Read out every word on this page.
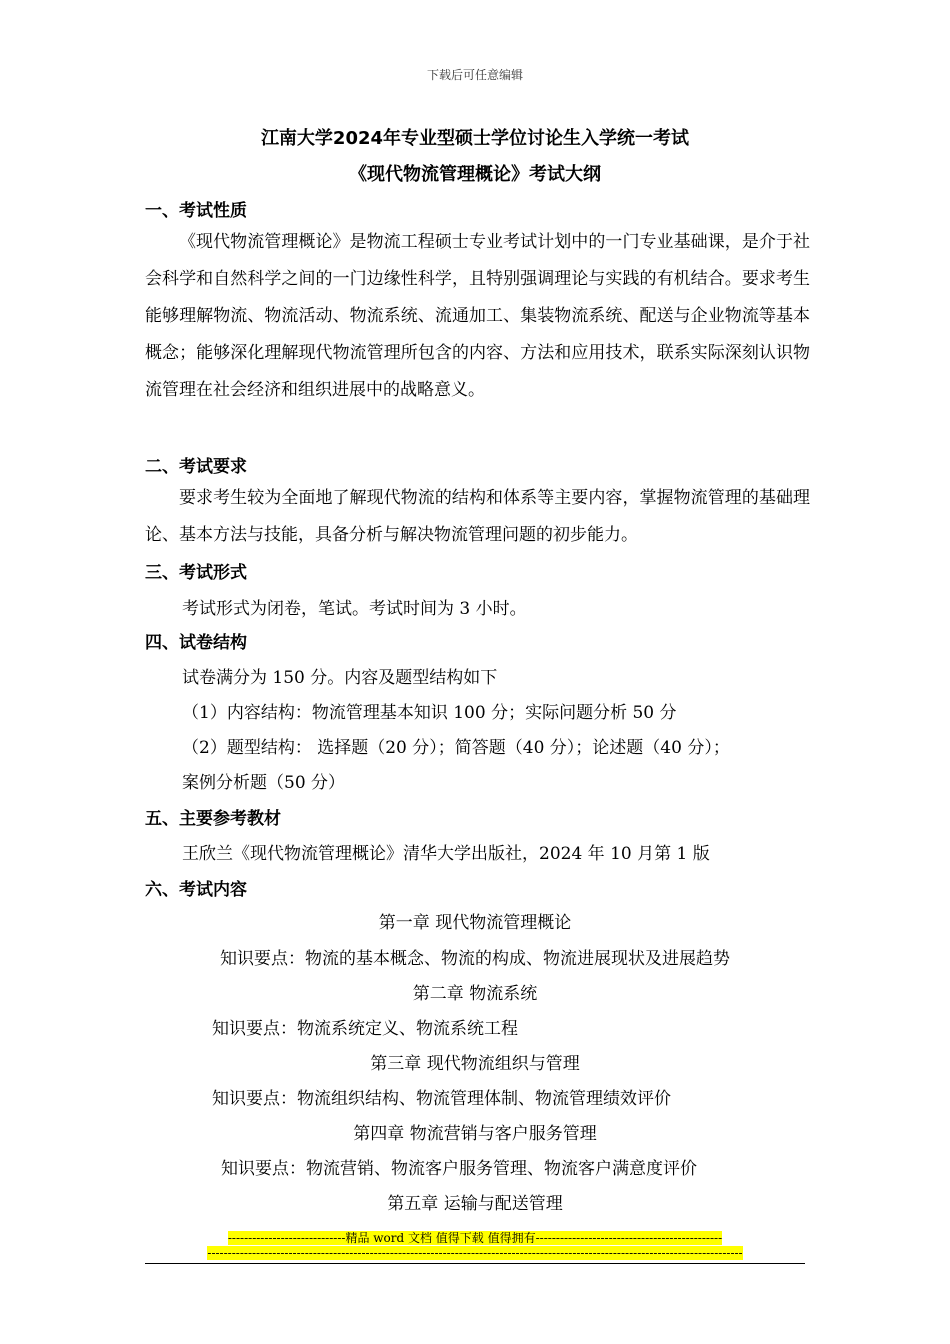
下载后可任意编辑
江南大学2024年专业型硕士学位讨论生入学统一考试
《现代物流管理概论》考试大纲
一、考试性质

《现代物流管理概论》是物流工程硕士专业考试计划中的一门专业基础课，是介于社会科学和自然科学之间的一门边缘性科学，且特别强调理论与实践的有机结合。要求考生能够理解物流、物流活动、物流系统、流通加工、集装物流系统、配送与企业物流等基本概念；能够深化理解现代物流管理所包含的内容、方法和应用技术，联系实际深刻认识物流管理在社会经济和组织进展中的战略意义。

二、考试要求

要求考生较为全面地了解现代物流的结构和体系等主要内容，掌握物流管理的基础理论、基本方法与技能，具备分析与解决物流管理问题的初步能力。

三、考试形式
考试形式为闭卷，笔试。考试时间为 3 小时。
四、试卷结构
试卷满分为 150 分。内容及题型结构如下
（1）内容结构：物流管理基本知识 100 分；实际问题分析 50 分
（2）题型结构： 选择题（20 分）；简答题（40 分）；论述题（40 分）；
案例分析题（50 分）
五、主要参考教材
王欣兰《现代物流管理概论》清华大学出版社，2024 年 10 月第 1 版
六、考试内容
第一章 现代物流管理概论
知识要点：物流的基本概念、物流的构成、物流进展现状及进展趋势
第二章 物流系统
知识要点：物流系统定义、物流系统工程
第三章 现代物流组织与管理
知识要点：物流组织结构、物流管理体制、物流管理绩效评价
第四章 物流营销与客户服务管理
知识要点：物流营销、物流客户服务管理、物流客户满意度评价
第五章 运输与配送管理
-----------------------------精品 word 文档 值得下载 值得拥有----------------------------------------------
------------------------------------------------------------------------------------------------------------------------------------
